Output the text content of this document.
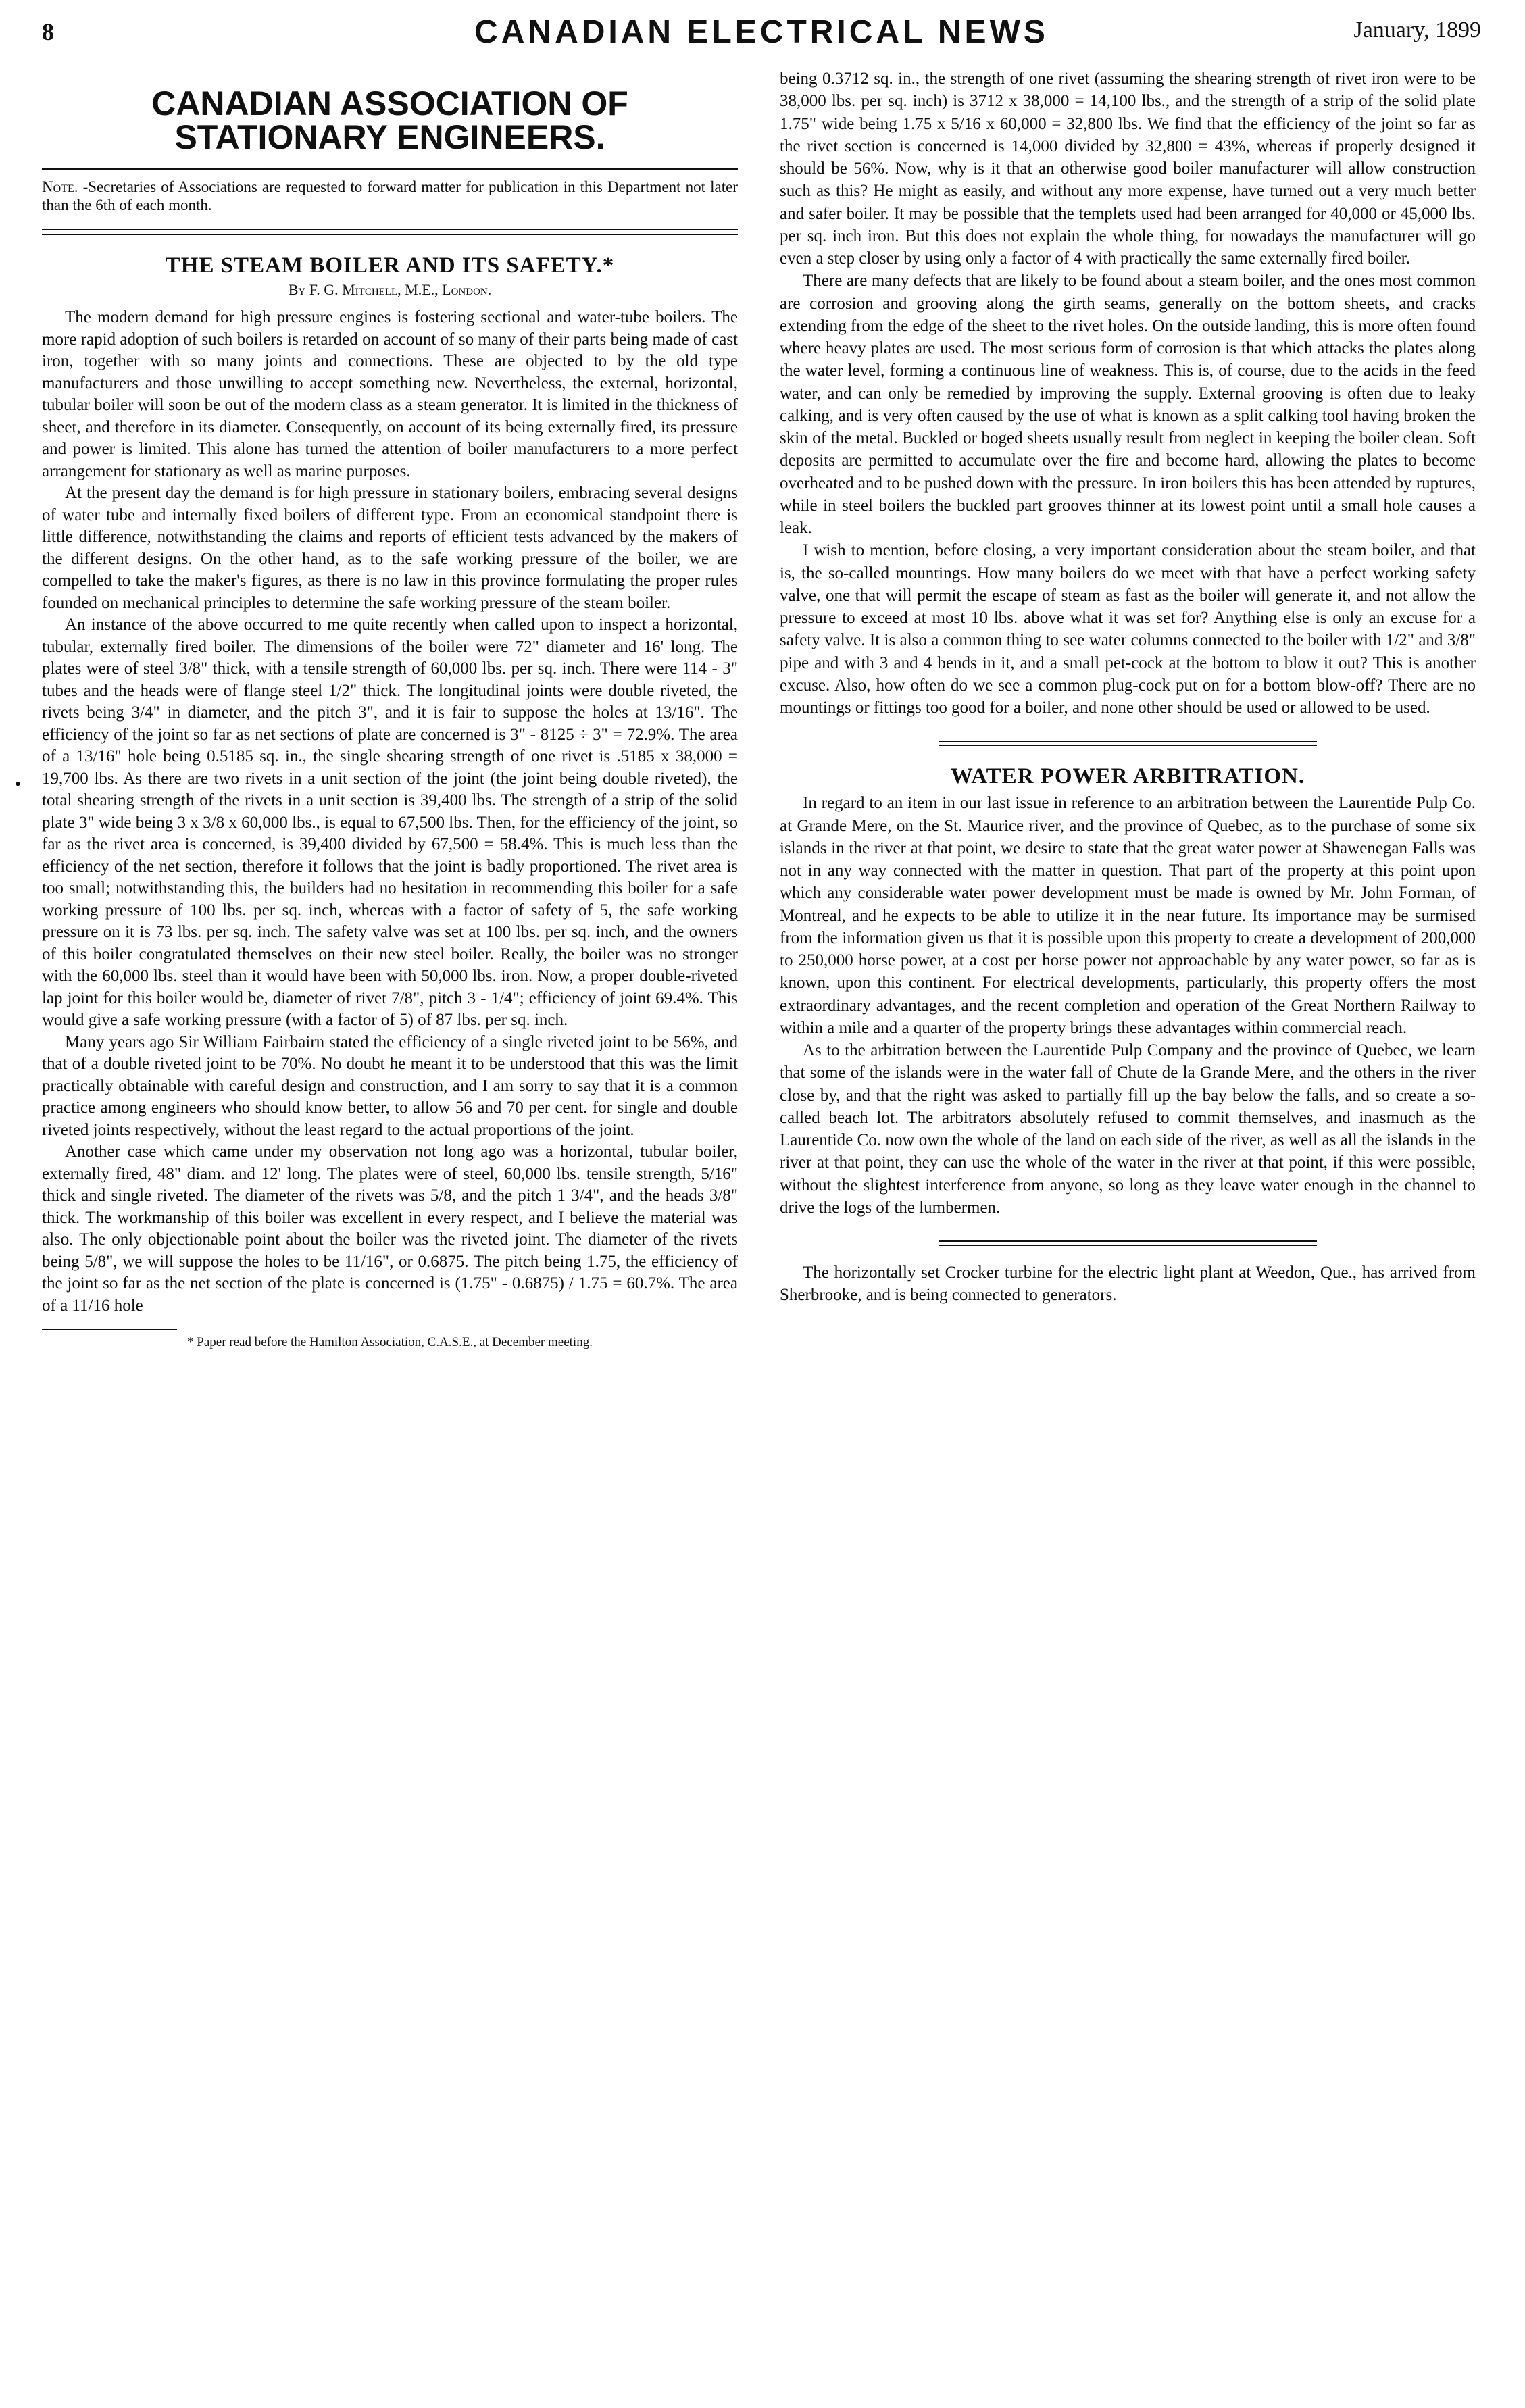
8	CANADIAN ELECTRICAL NEWS	January, 1899
•
CANADIAN ASSOCIATION OF STATIONARY ENGINEERS.
Note. -Secretaries of Associations are requested to forward matter for publication in this Department not later than the 6th of each month.
THE STEAM BOILER AND ITS SAFETY.*
By F. G. Mitchell, M.E., London.

The modern demand for high pressure engines is fostering sectional and water-tube boilers. The more rapid adoption of such boilers is retarded on account of so many of their parts being made of cast iron, together with so many joints and connections. These are objected to by the old type manufacturers and those unwilling to accept something new. Nevertheless, the external, horizontal, tubular boiler will soon be out of the modern class as a steam generator. It is limited in the thickness of sheet, and therefore in its diameter. Consequently, on account of its being externally fired, its pressure and power is limited. This alone has turned the attention of boiler manufacturers to a more perfect arrangement for stationary as well as marine purposes.

At the present day the demand is for high pressure in stationary boilers, embracing several designs of water tube and internally fixed boilers of different type. From an economical standpoint there is little difference, notwithstanding the claims and reports of efficient tests advanced by the makers of the different designs. On the other hand, as to the safe working pressure of the boiler, we are compelled to take the maker's figures, as there is no law in this province formulating the proper rules founded on mechanical principles to determine the safe working pressure of the steam boiler.

An instance of the above occurred to me quite recently when called upon to inspect a horizontal, tubular, externally fired boiler. The dimensions of the boiler were 72" diameter and 16' long. The plates were of steel 3/8" thick, with a tensile strength of 60,000 lbs. per sq. inch. There were 114 - 3" tubes and the heads were of flange steel 1/2" thick. The longitudinal joints were double riveted, the rivets being 3/4" in diameter, and the pitch 3", and it is fair to suppose the holes at 13/16". The efficiency of the joint so far as net sections of plate are concerned is 3" - 8125 ÷ 3" = 72.9%. The area of a 13/16" hole being 0.5185 sq. in., the single shearing strength of one rivet is .5185 x 38,000 = 19,700 lbs. As there are two rivets in a unit section of the joint (the joint being double riveted), the total shearing strength of the rivets in a unit section is 39,400 lbs. The strength of a strip of the solid plate 3" wide being 3 x 3/8 x 60,000 lbs., is equal to 67,500 lbs. Then, for the efficiency of the joint, so far as the rivet area is concerned, is 39,400 divided by 67,500 = 58.4%. This is much less than the efficiency of the net section, therefore it follows that the joint is badly proportioned. The rivet area is too small; notwithstanding this, the builders had no hesitation in recommending this boiler for a safe working pressure of 100 lbs. per sq. inch, whereas with a factor of safety of 5, the safe working pressure on it is 73 lbs. per sq. inch. The safety valve was set at 100 lbs. per sq. inch, and the owners of this boiler congratulated themselves on their new steel boiler. Really, the boiler was no stronger with the 60,000 lbs. steel than it would have been with 50,000 lbs. iron. Now, a proper double-riveted lap joint for this boiler would be, diameter of rivet 7/8", pitch 3 - 1/4"; efficiency of joint 69.4%. This would give a safe working pressure (with a factor of 5) of 87 lbs. per sq. inch.

Many years ago Sir William Fairbairn stated the efficiency of a single riveted joint to be 56%, and that of a double riveted joint to be 70%. No doubt he meant it to be understood that this was the limit practically obtainable with careful design and construction, and I am sorry to say that it is a common practice among engineers who should know better, to allow 56 and 70 per cent. for single and double riveted joints respectively, without the least regard to the actual proportions of the joint.

Another case which came under my observation not long ago was a horizontal, tubular boiler, externally fired, 48" diam. and 12' long. The plates were of steel, 60,000 lbs. tensile strength, 5/16" thick and single riveted. The diameter of the rivets was 5/8, and the pitch 1 3/4", and the heads 3/8" thick. The workmanship of this boiler was excellent in every respect, and I believe the material was also. The only objectionable point about the boiler was the riveted joint. The diameter of the rivets being 5/8", we will suppose the holes to be 11/16", or 0.6875. The pitch being 1.75, the efficiency of the joint so far as the net section of the plate is concerned is (1.75" - 0.6875) / 1.75 = 60.7%. The area of a 11/16 hole

* Paper read before the Hamilton Association, C.A.S.E., at December meeting.

being 0.3712 sq. in., the strength of one rivet (assuming the shearing strength of rivet iron were to be 38,000 lbs. per sq. inch) is 3712 x 38,000 = 14,100 lbs., and the strength of a strip of the solid plate 1.75" wide being 1.75 x 5/16 x 60,000 = 32,800 lbs. We find that the efficiency of the joint so far as the rivet section is concerned is 14,000 divided by 32,800 = 43%, whereas if properly designed it should be 56%. Now, why is it that an otherwise good boiler manufacturer will allow construction such as this? He might as easily, and without any more expense, have turned out a very much better and safer boiler. It may be possible that the templets used had been arranged for 40,000 or 45,000 lbs. per sq. inch iron. But this does not explain the whole thing, for nowadays the manufacturer will go even a step closer by using only a factor of 4 with practically the same externally fired boiler.

There are many defects that are likely to be found about a steam boiler, and the ones most common are corrosion and grooving along the girth seams, generally on the bottom sheets, and cracks extending from the edge of the sheet to the rivet holes. On the outside landing, this is more often found where heavy plates are used. The most serious form of corrosion is that which attacks the plates along the water level, forming a continuous line of weakness. This is, of course, due to the acids in the feed water, and can only be remedied by improving the supply. External grooving is often due to leaky calking, and is very often caused by the use of what is known as a split calking tool having broken the skin of the metal. Buckled or boged sheets usually result from neglect in keeping the boiler clean. Soft deposits are permitted to accumulate over the fire and become hard, allowing the plates to become overheated and to be pushed down with the pressure. In iron boilers this has been attended by ruptures, while in steel boilers the buckled part grooves thinner at its lowest point until a small hole causes a leak.

I wish to mention, before closing, a very important consideration about the steam boiler, and that is, the so-called mountings. How many boilers do we meet with that have a perfect working safety valve, one that will permit the escape of steam as fast as the boiler will generate it, and not allow the pressure to exceed at most 10 lbs. above what it was set for? Anything else is only an excuse for a safety valve. It is also a common thing to see water columns connected to the boiler with 1/2" and 3/8" pipe and with 3 and 4 bends in it, and a small pet-cock at the bottom to blow it out? This is another excuse. Also, how often do we see a common plug-cock put on for a bottom blow-off? There are no mountings or fittings too good for a boiler, and none other should be used or allowed to be used.

WATER POWER ARBITRATION.

In regard to an item in our last issue in reference to an arbitration between the Laurentide Pulp Co. at Grande Mere, on the St. Maurice river, and the province of Quebec, as to the purchase of some six islands in the river at that point, we desire to state that the great water power at Shawenegan Falls was not in any way connected with the matter in question. That part of the property at this point upon which any considerable water power development must be made is owned by Mr. John Forman, of Montreal, and he expects to be able to utilize it in the near future. Its importance may be surmised from the information given us that it is possible upon this property to create a development of 200,000 to 250,000 horse power, at a cost per horse power not approachable by any water power, so far as is known, upon this continent. For electrical developments, particularly, this property offers the most extraordinary advantages, and the recent completion and operation of the Great Northern Railway to within a mile and a quarter of the property brings these advantages within commercial reach.

As to the arbitration between the Laurentide Pulp Company and the province of Quebec, we learn that some of the islands were in the water fall of Chute de la Grande Mere, and the others in the river close by, and that the right was asked to partially fill up the bay below the falls, and so create a so-called beach lot. The arbitrators absolutely refused to commit themselves, and inasmuch as the Laurentide Co. now own the whole of the land on each side of the river, as well as all the islands in the river at that point, they can use the whole of the water in the river at that point, if this were possible, without the slightest interference from anyone, so long as they leave water enough in the channel to drive the logs of the lumbermen.

The horizontally set Crocker turbine for the electric light plant at Weedon, Que., has arrived from Sherbrooke, and is being connected to generators.
